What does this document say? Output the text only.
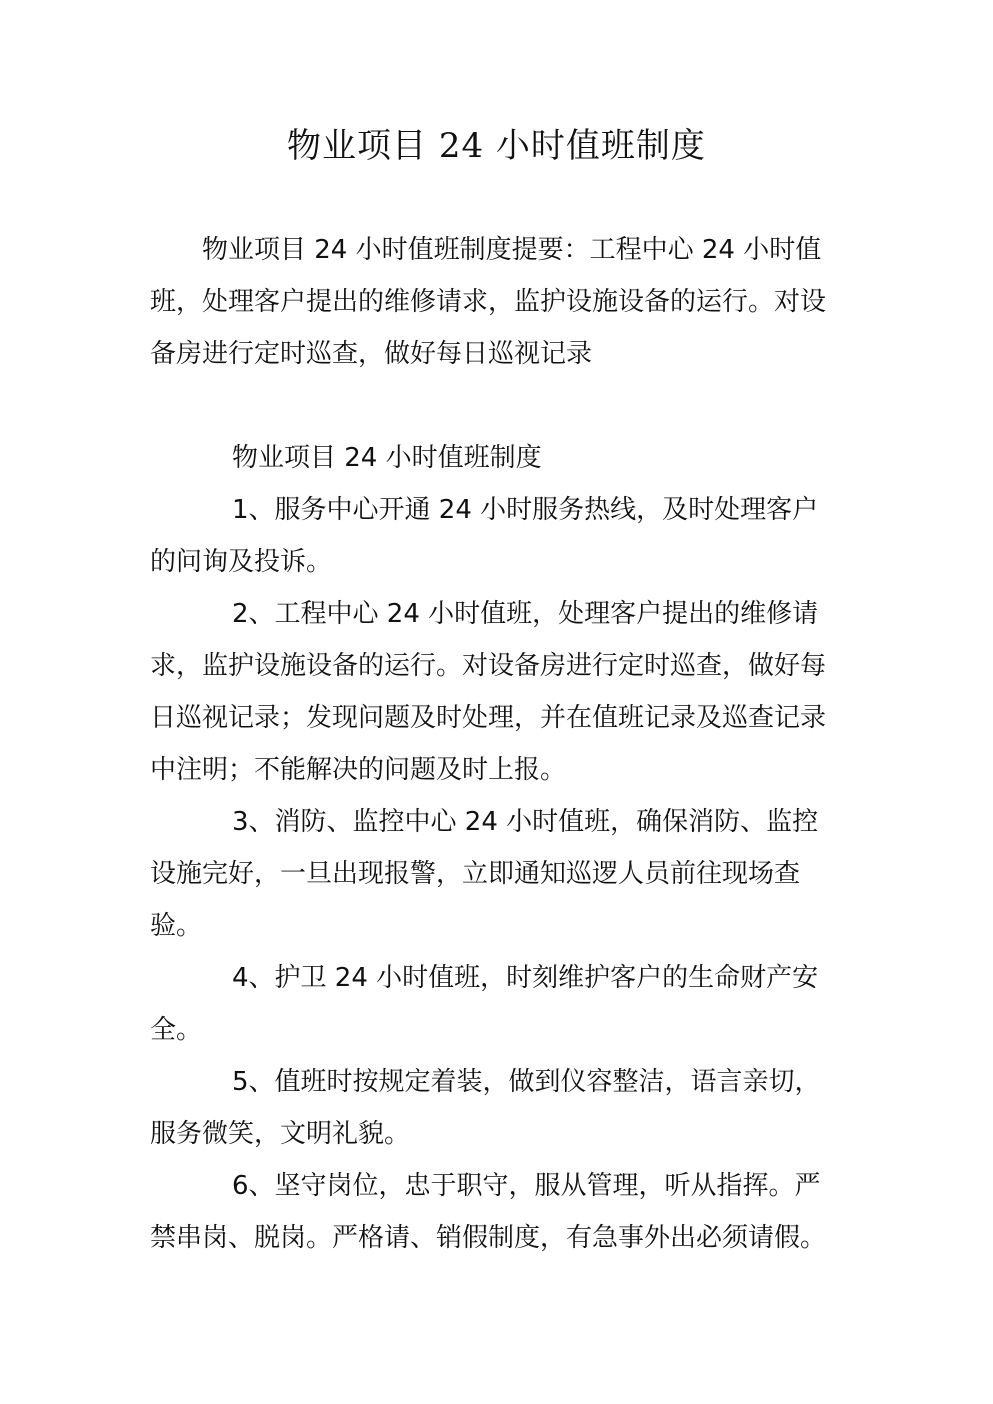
物业项目 24 小时值班制度

物业项目 24 小时值班制度提要：工程中心 24 小时值班，处理客户提出的维修请求，监护设施设备的运行。对设备房进行定时巡查，做好每日巡视记录

物业项目 24 小时值班制度

1、服务中心开通 24 小时服务热线，及时处理客户的问询及投诉。

2、工程中心 24 小时值班，处理客户提出的维修请求，监护设施设备的运行。对设备房进行定时巡查，做好每日巡视记录；发现问题及时处理，并在值班记录及巡查记录中注明；不能解决的问题及时上报。

3、消防、监控中心 24 小时值班，确保消防、监控设施完好，一旦出现报警，立即通知巡逻人员前往现场查验。

4、护卫 24 小时值班，时刻维护客户的生命财产安全。

5、值班时按规定着装，做到仪容整洁，语言亲切，服务微笑，文明礼貌。

6、坚守岗位，忠于职守，服从管理，听从指挥。严禁串岗、脱岗。严格请、销假制度，有急事外出必须请假。
